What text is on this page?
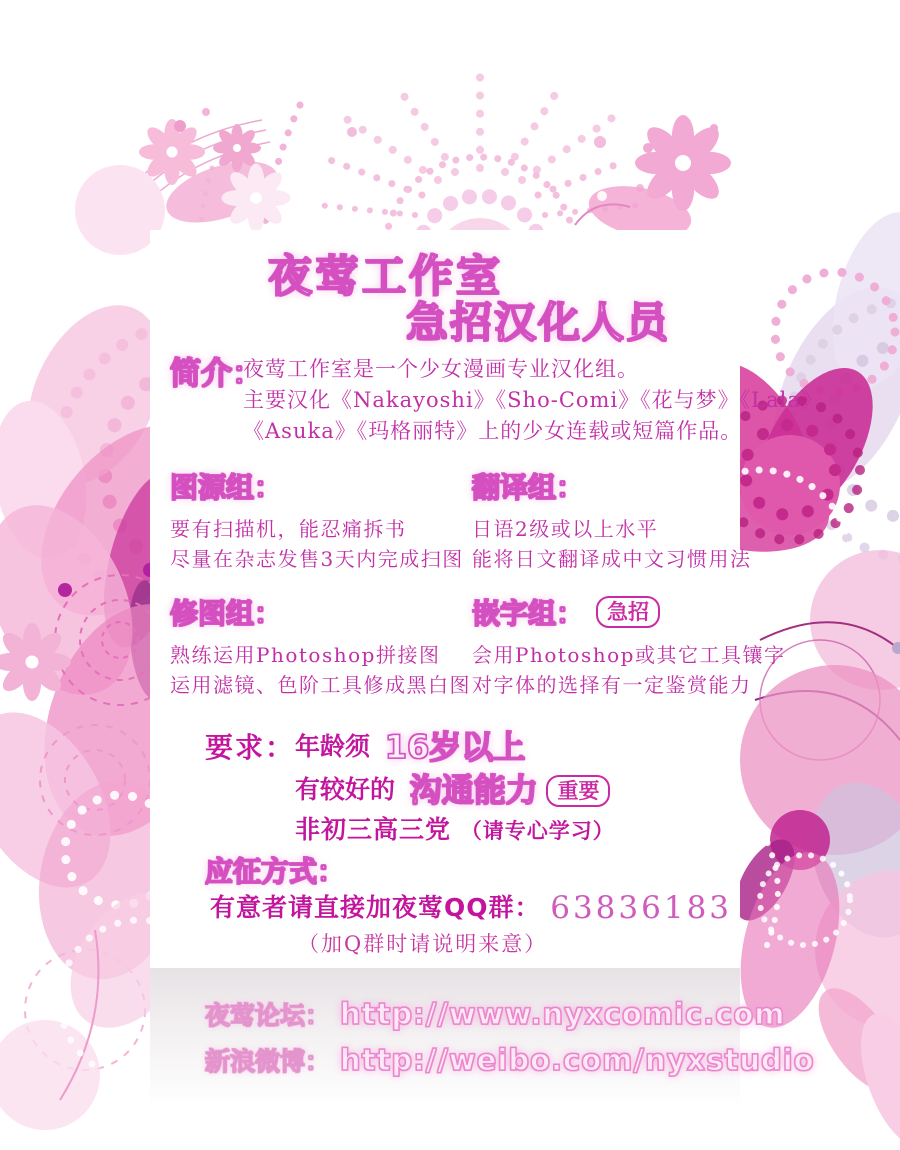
夜莺工作室
急招汉化人员
简介：
夜莺工作室是一个少女漫画专业汉化组。
主要汉化《Nakayoshi》《Sho-Comi》《花与梦》《Lala》
《Asuka》《玛格丽特》上的少女连载或短篇作品。
图源组：
要有扫描机，能忍痛拆书
尽量在杂志发售3天内完成扫图
翻译组：
日语2级或以上水平
能将日文翻译成中文习惯用法
修图组：
熟练运用Photoshop拼接图
运用滤镜、色阶工具修成黑白图
嵌字组：	急招
会用Photoshop或其它工具镶字
对字体的选择有一定鉴赏能力
要求： 年龄须 16岁以上
有较好的 沟通能力 重要
非初三高三党 （请专心学习）
应征方式：
有意者请直接加夜莺QQ群： 63836183
（加Q群时请说明来意）
夜莺论坛： http://www.nyxcomic.com
新浪微博： http://weibo.com/nyxstudio
